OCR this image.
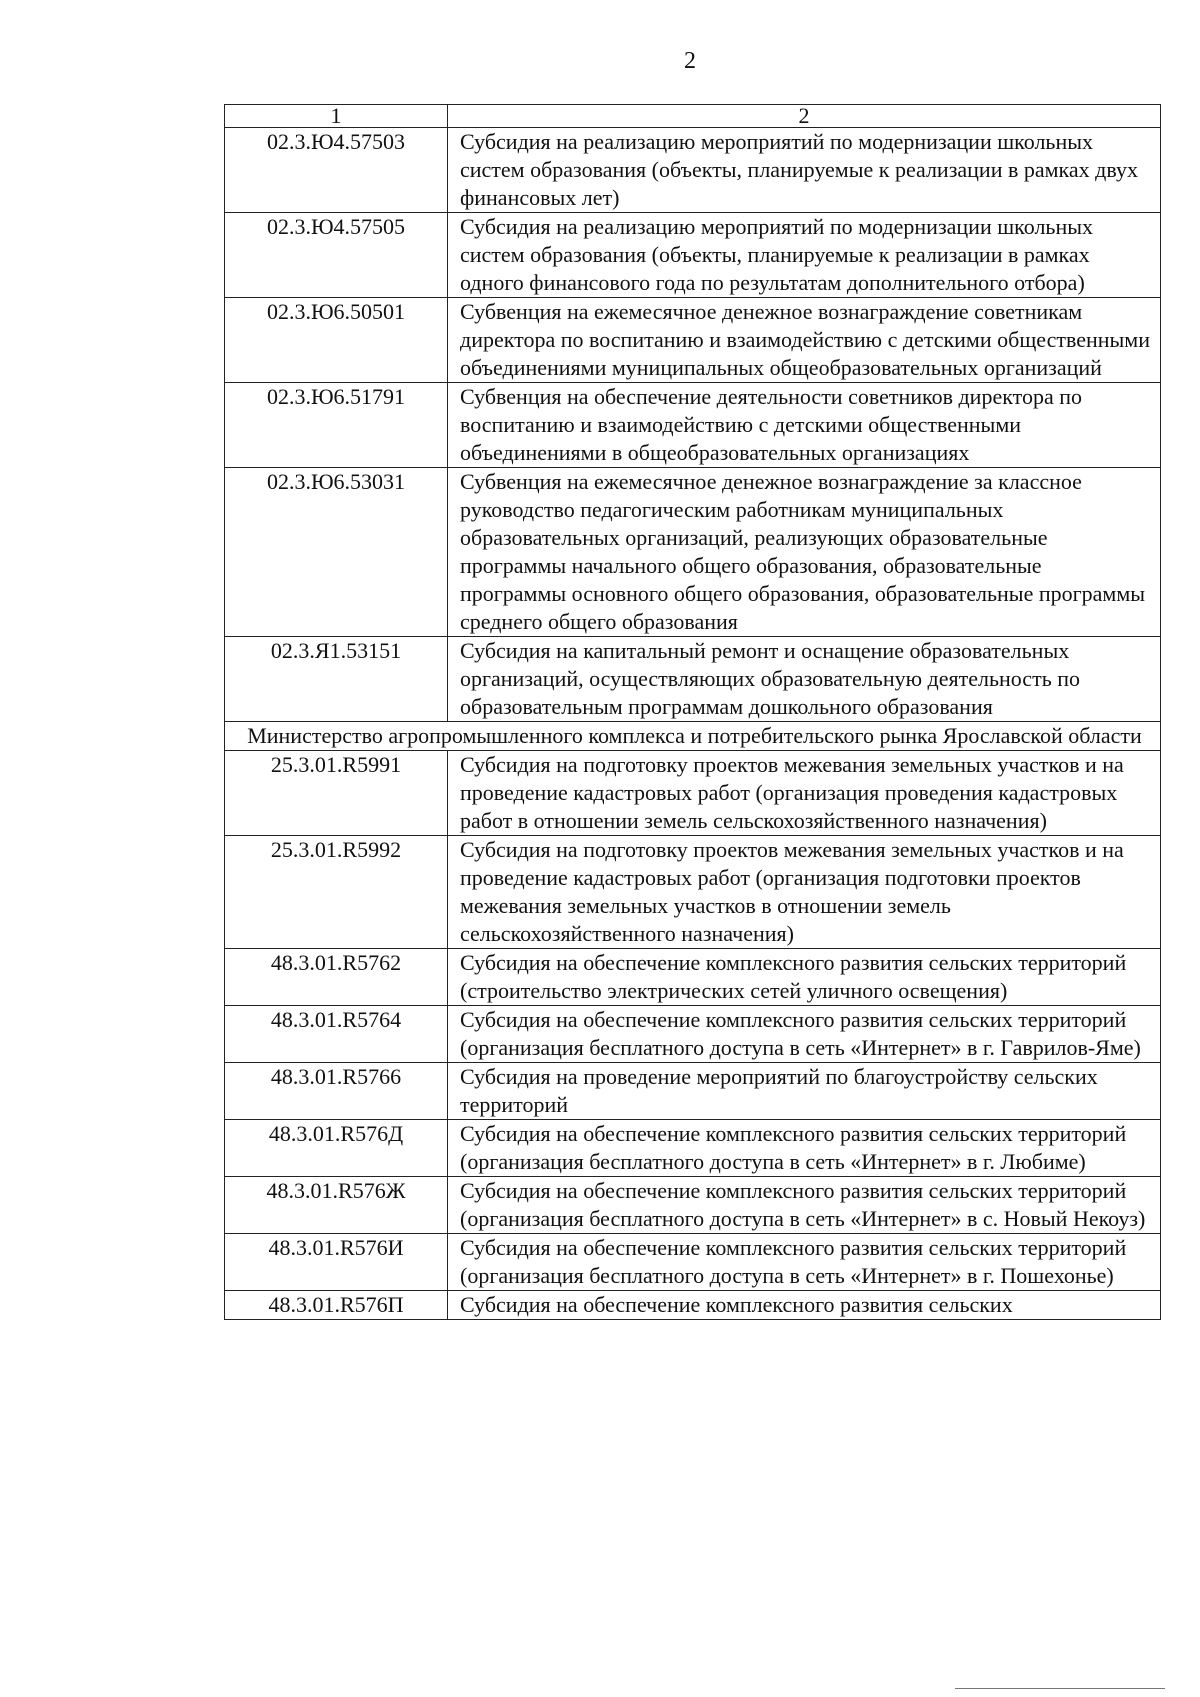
2
1	2
02.3.Ю4.57503	Субсидия на реализацию мероприятий по модернизации школьных систем образования (объекты, планируемые к реализации в рамках двух финансовых лет)
02.3.Ю4.57505	Субсидия на реализацию мероприятий по модернизации школьных систем образования (объекты, планируемые к реализации в рамках одного финансового года по результатам дополнительного отбора)
02.3.Ю6.50501	Субвенция на ежемесячное денежное вознаграждение советникам директора по воспитанию и взаимодействию с детскими общественными объединениями муниципальных общеобразовательных организаций
02.3.Ю6.51791	Субвенция на обеспечение деятельности советников директора по воспитанию и взаимодействию с детскими общественными объединениями в общеобразовательных организациях
02.3.Ю6.53031	Субвенция на ежемесячное денежное вознаграждение за классное руководство педагогическим работникам муниципальных образовательных организаций, реализующих образовательные программы начального общего образования, образовательные программы основного общего образования, образовательные программы среднего общего образования
02.3.Я1.53151	Субсидия на капитальный ремонт и оснащение образовательных организаций, осуществляющих образовательную деятельность по образовательным программам дошкольного образования
Министерство агропромышленного комплекса и потребительского рынка Ярославской области	
25.3.01.R5991	Субсидия на подготовку проектов межевания земельных участков и на проведение кадастровых работ (организация проведения кадастровых работ в отношении земель сельскохозяйственного назначения)
25.3.01.R5992	Субсидия на подготовку проектов межевания земельных участков и на проведение кадастровых работ (организация подготовки проектов межевания земельных участков в отношении земель сельскохозяйственного назначения)
48.3.01.R5762	Субсидия на обеспечение комплексного развития сельских территорий (строительство электрических сетей уличного освещения)
48.3.01.R5764	Субсидия на обеспечение комплексного развития сельских территорий (организация бесплатного доступа в сеть «Интернет» в г. Гаврилов-Яме)
48.3.01.R5766	Субсидия на проведение мероприятий по благоустройству сельских территорий
48.3.01.R576Д	Субсидия на обеспечение комплексного развития сельских территорий (организация бесплатного доступа в сеть «Интернет» в г. Любиме)
48.3.01.R576Ж	Субсидия на обеспечение комплексного развития сельских территорий (организация бесплатного доступа в сеть «Интернет» в с. Новый Некоуз)
48.3.01.R576И	Субсидия на обеспечение комплексного развития сельских территорий (организация бесплатного доступа в сеть «Интернет» в г. Пошехонье)
48.3.01.R576П	Субсидия на обеспечение комплексного развития сельских
